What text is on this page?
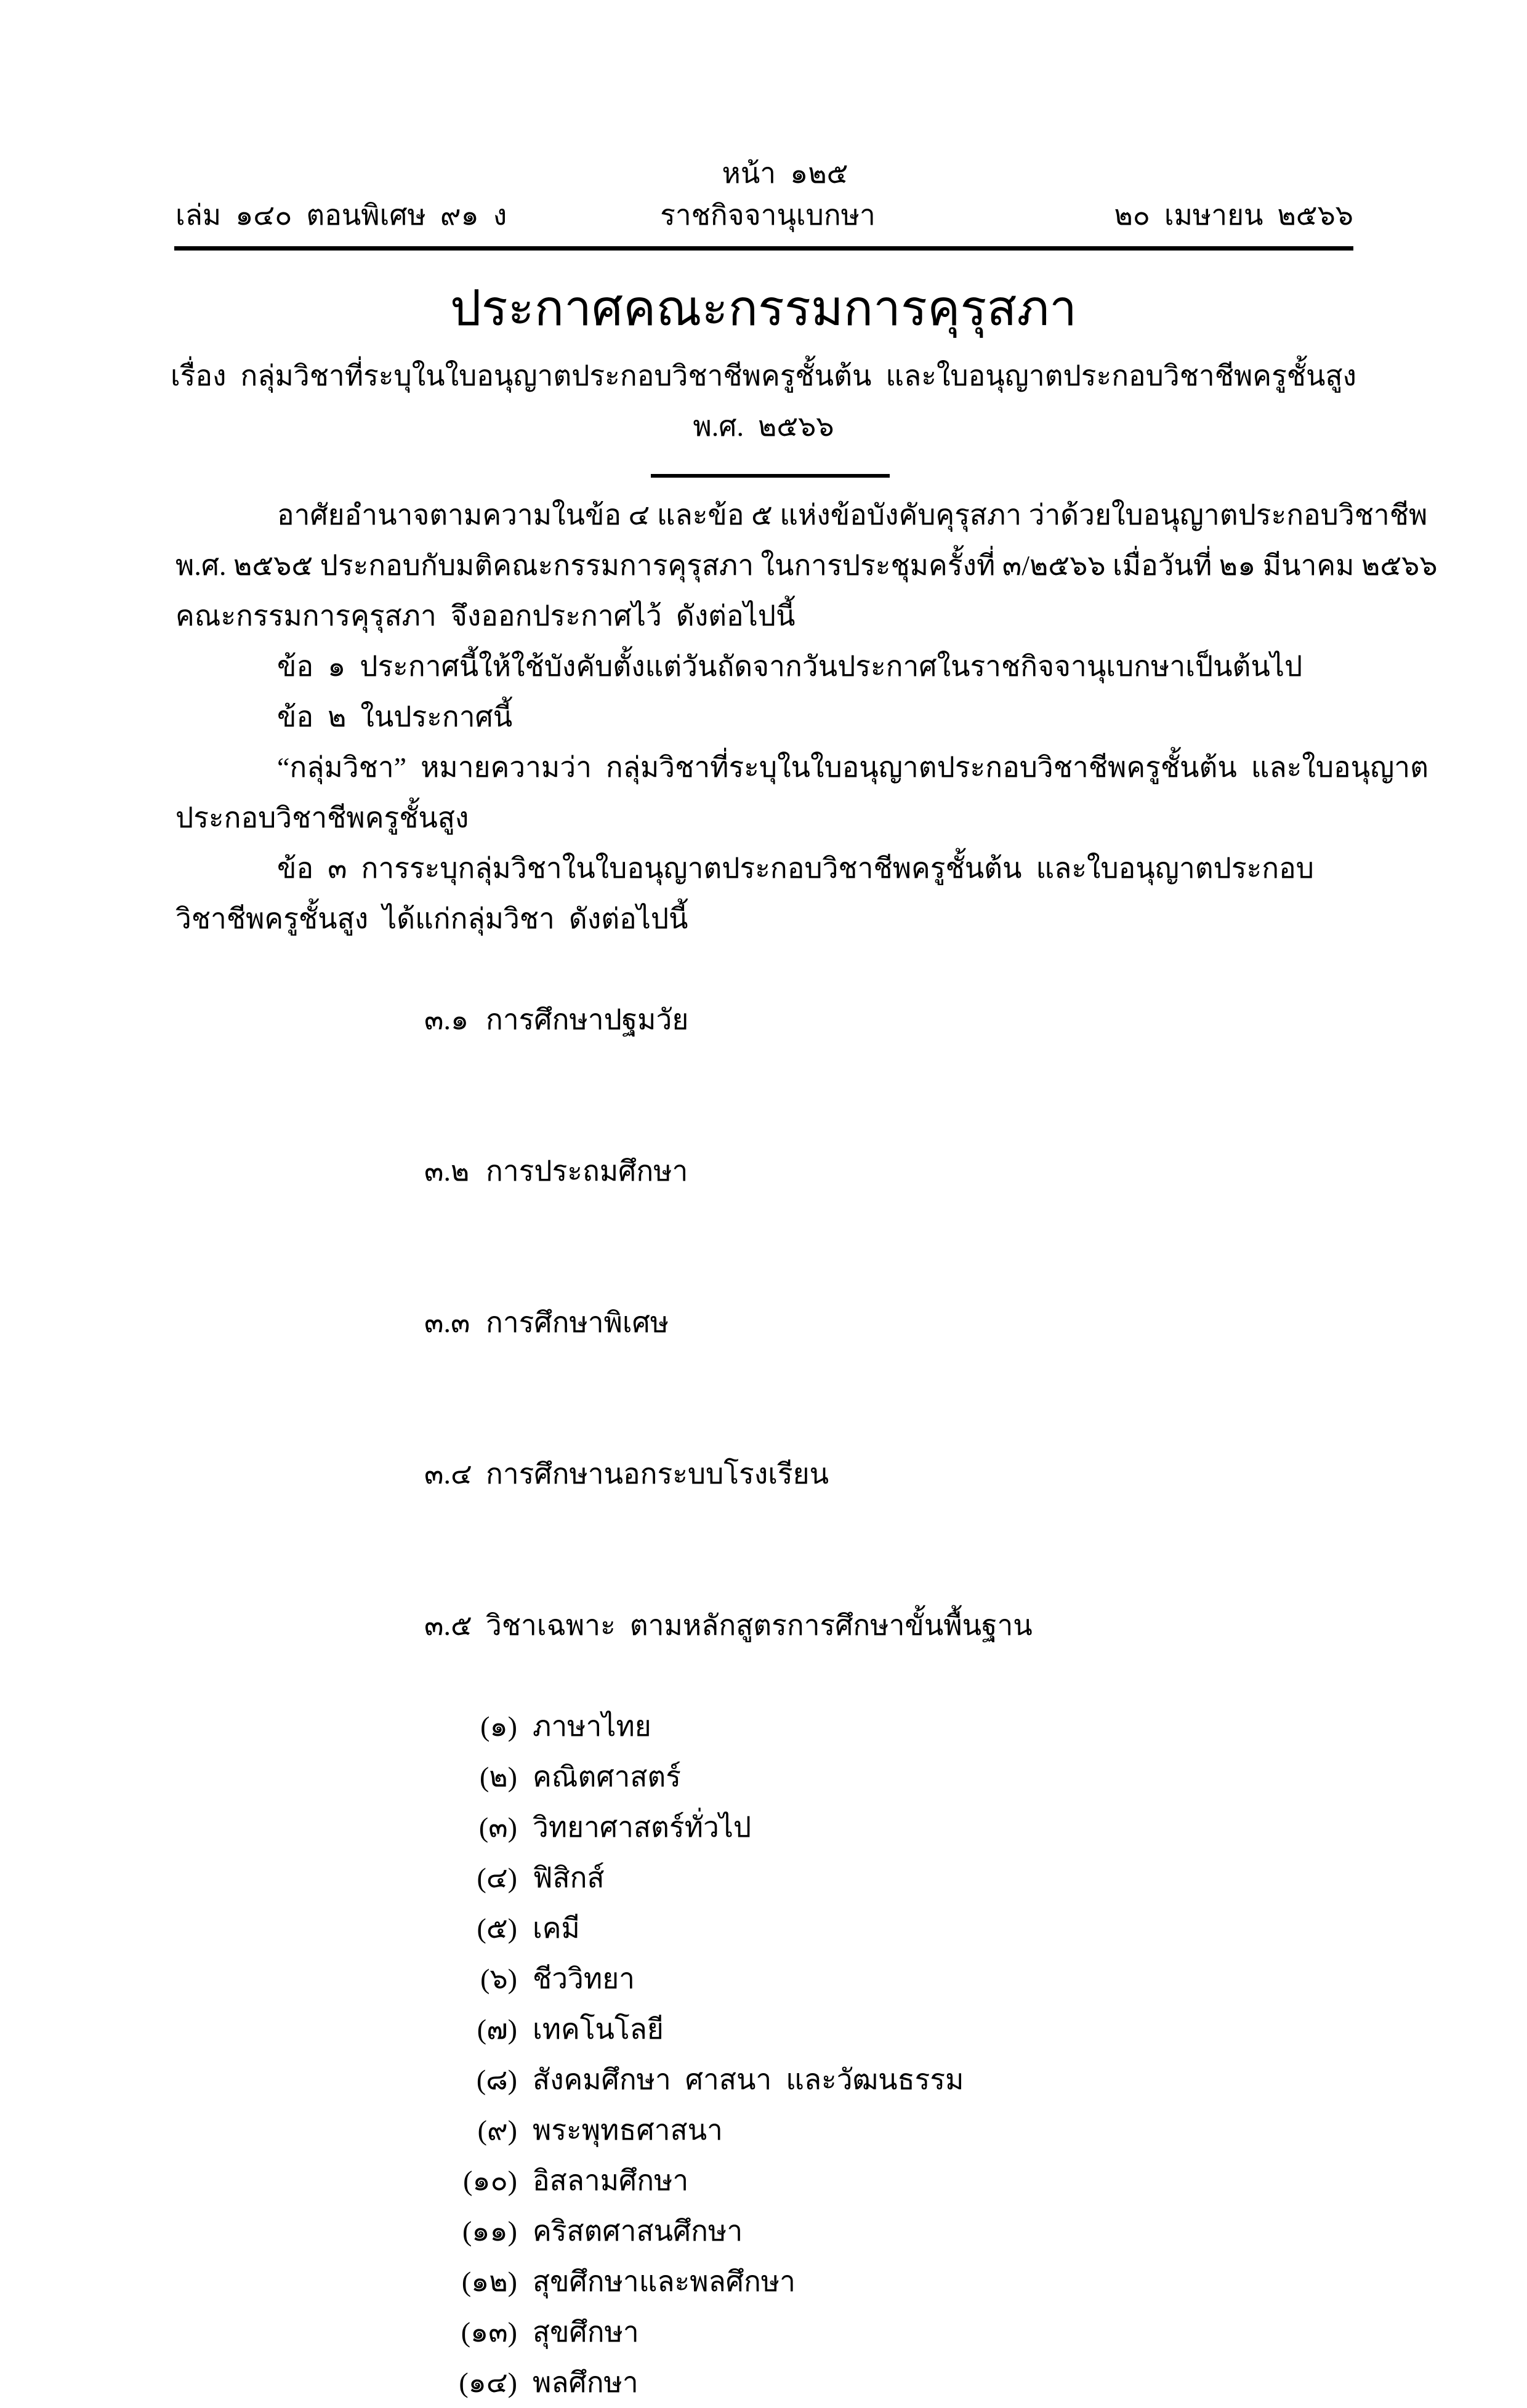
หน้า  ๑๒๕
เล่ม  ๑๔๐  ตอนพิเศษ  ๙๑  ง	ราชกิจจานุเบกษา	๒๐  เมษายน  ๒๕๖๖
ประกาศคณะกรรมการคุรุสภา
เรื่อง  กลุ่มวิชาที่ระบุในใบอนุญาตประกอบวิชาชีพครูชั้นต้น  และใบอนุญาตประกอบวิชาชีพครูชั้นสูง
พ.ศ.  ๒๕๖๖
อาศัยอำนาจตามความในข้อ ๔ และข้อ ๕ แห่งข้อบังคับคุรุสภา ว่าด้วยใบอนุญาตประกอบวิชาชีพ
พ.ศ. ๒๕๖๕ ประกอบกับมติคณะกรรมการคุรุสภา ในการประชุมครั้งที่ ๓/๒๕๖๖ เมื่อวันที่ ๒๑ มีนาคม ๒๕๖๖
คณะกรรมการคุรุสภา  จึงออกประกาศไว้  ดังต่อไปนี้
ข้อ  ๑  ประกาศนี้ให้ใช้บังคับตั้งแต่วันถัดจากวันประกาศในราชกิจจานุเบกษาเป็นต้นไป
ข้อ  ๒  ในประกาศนี้
“กลุ่มวิชา”  หมายความว่า  กลุ่มวิชาที่ระบุในใบอนุญาตประกอบวิชาชีพครูชั้นต้น  และใบอนุญาต
ประกอบวิชาชีพครูชั้นสูง
ข้อ  ๓  การระบุกลุ่มวิชาในใบอนุญาตประกอบวิชาชีพครูชั้นต้น  และใบอนุญาตประกอบ
วิชาชีพครูชั้นสูง  ได้แก่กลุ่มวิชา  ดังต่อไปนี้

๓.๑ การศึกษาปฐมวัย

๓.๒ การประถมศึกษา

๓.๓ การศึกษาพิเศษ

๓.๔ การศึกษานอกระบบโรงเรียน

๓.๕ วิชาเฉพาะ  ตามหลักสูตรการศึกษาขั้นพื้นฐาน

(๑) ภาษาไทย
(๒) คณิตศาสตร์
(๓) วิทยาศาสตร์ทั่วไป
(๔) ฟิสิกส์
(๕) เคมี
(๖) ชีววิทยา
(๗) เทคโนโลยี
(๘) สังคมศึกษา  ศาสนา  และวัฒนธรรม
(๙) พระพุทธศาสนา
(๑๐) อิสลามศึกษา
(๑๑) คริสตศาสนศึกษา
(๑๒) สุขศึกษาและพลศึกษา
(๑๓) สุขศึกษา
(๑๔) พลศึกษา
